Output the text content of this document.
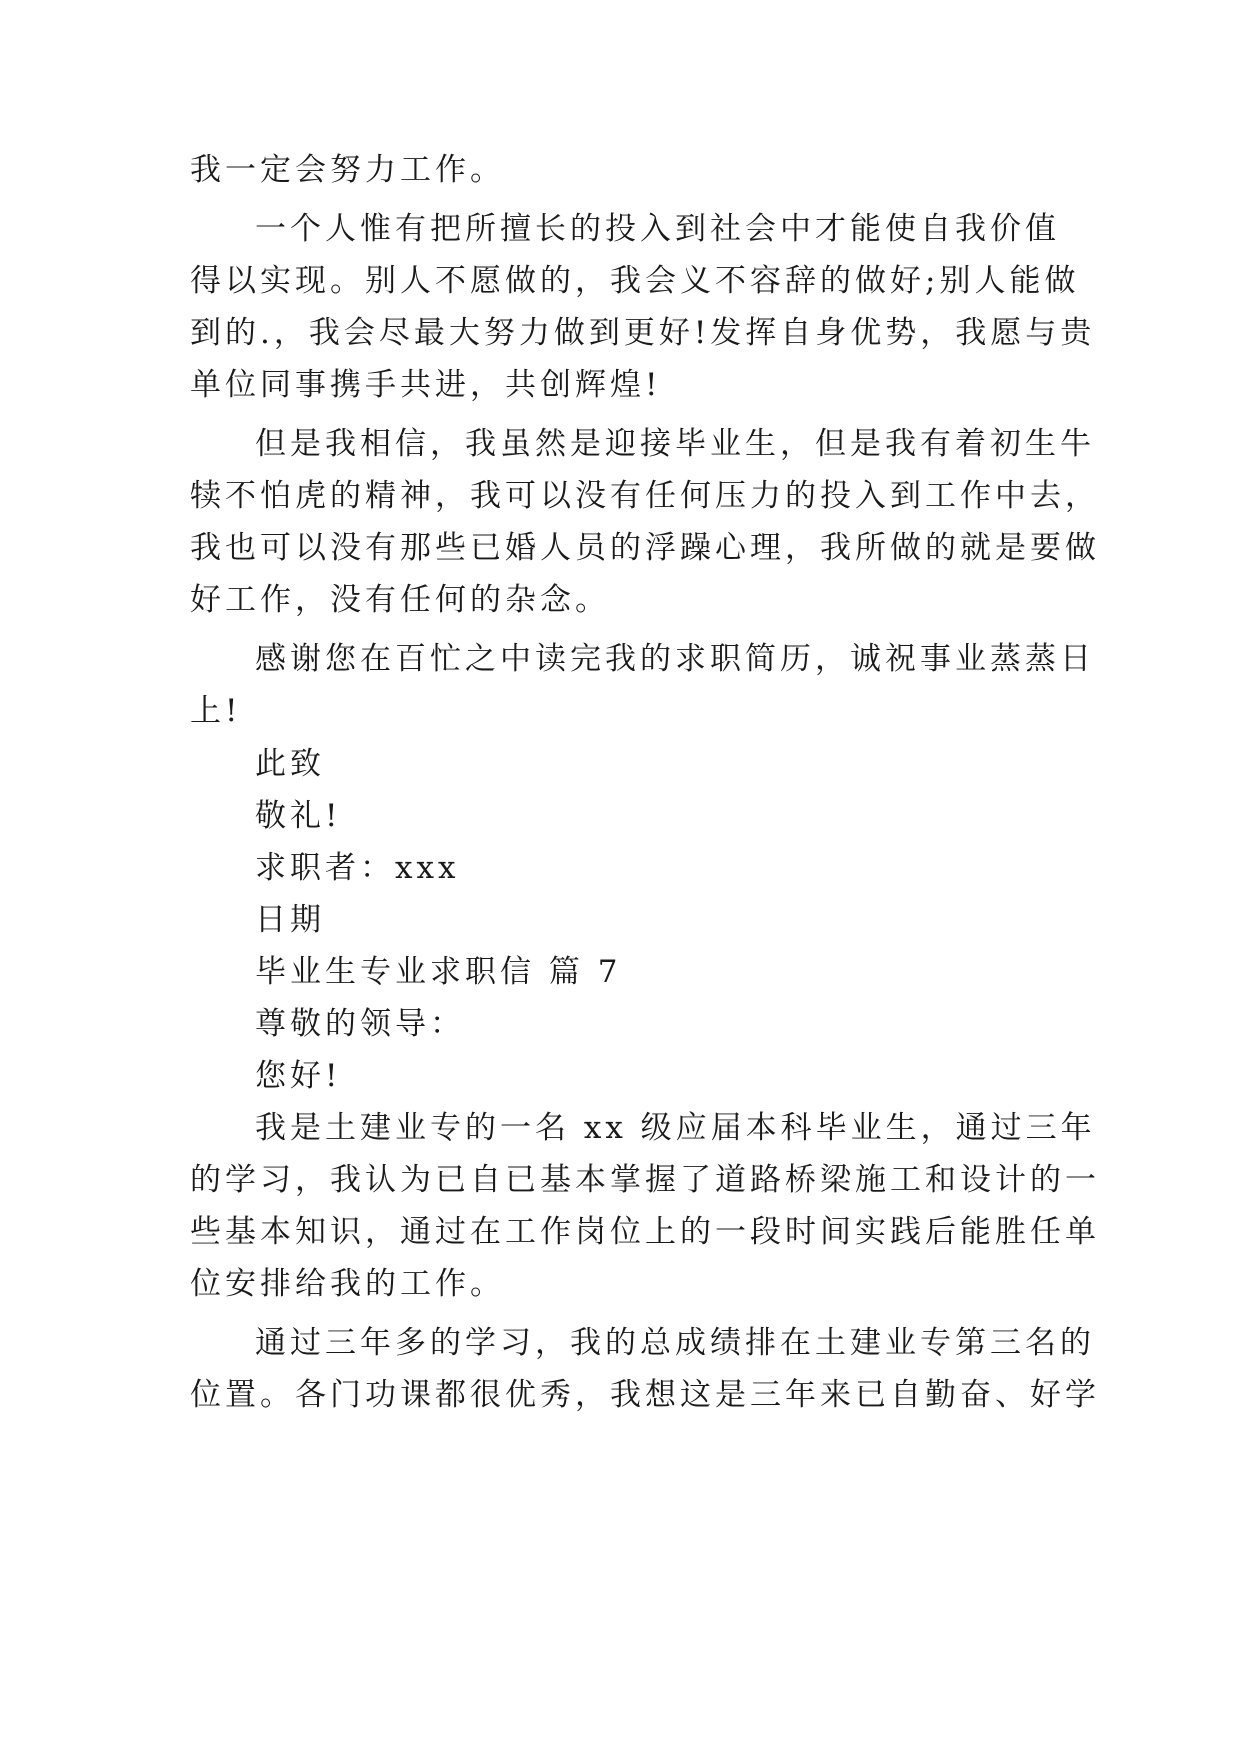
我一定会努力工作。
一个人惟有把所擅长的投入到社会中才能使自我价值
得以实现。别人不愿做的，我会义不容辞的做好;别人能做
到的.，我会尽最大努力做到更好!发挥自身优势，我愿与贵
单位同事携手共进，共创辉煌!
但是我相信，我虽然是迎接毕业生，但是我有着初生牛
犊不怕虎的精神，我可以没有任何压力的投入到工作中去，
我也可以没有那些已婚人员的浮躁心理，我所做的就是要做
好工作，没有任何的杂念。
感谢您在百忙之中读完我的求职简历，诚祝事业蒸蒸日
上!
此致
敬礼!
求职者：xxx
日期
毕业生专业求职信 篇 7
尊敬的领导：
您好!
我是土建业专的一名 xx 级应届本科毕业生，通过三年
的学习，我认为已自已基本掌握了道路桥梁施工和设计的一
些基本知识，通过在工作岗位上的一段时间实践后能胜任单
位安排给我的工作。
通过三年多的学习，我的总成绩排在土建业专第三名的
位置。各门功课都很优秀，我想这是三年来已自勤奋、好学
